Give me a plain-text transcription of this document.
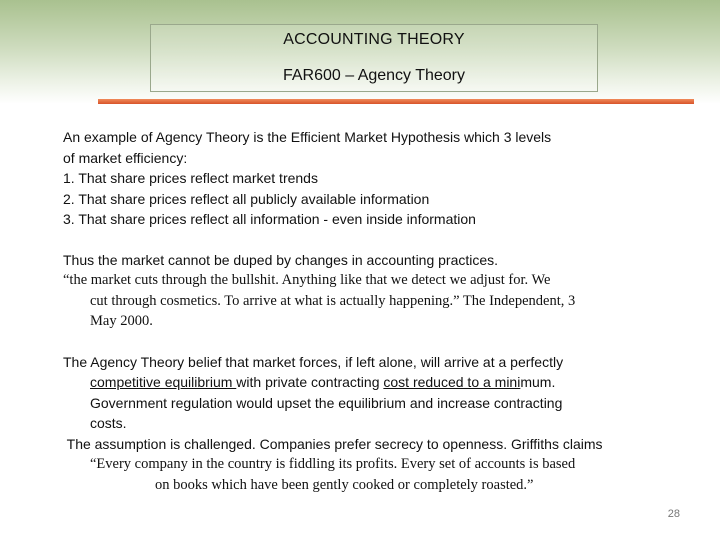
ACCOUNTING THEORY
FAR600 – Agency Theory

An example of Agency Theory is the Efficient Market Hypothesis which 3 levels

of market efficiency:

1. That share prices reflect market trends

2. That share prices reflect all publicly available information

3. That share prices reflect all information - even inside information

Thus the market cannot be duped by changes in accounting practices.

“the market cuts through the bullshit. Anything like that we detect we adjust for. We

cut through cosmetics. To arrive at what is actually happening.” The Independent, 3

May 2000.

The Agency Theory belief that market forces, if left alone, will arrive at a perfectly

competitive equilibrium with private contracting cost reduced to a minimum.

Government regulation would upset the equilibrium and increase contracting

costs.

The assumption is challenged. Companies prefer secrecy to openness. Griffiths claims

“Every company in the country is fiddling its profits. Every set of accounts is based

on books which have been gently cooked or completely roasted.”

28
